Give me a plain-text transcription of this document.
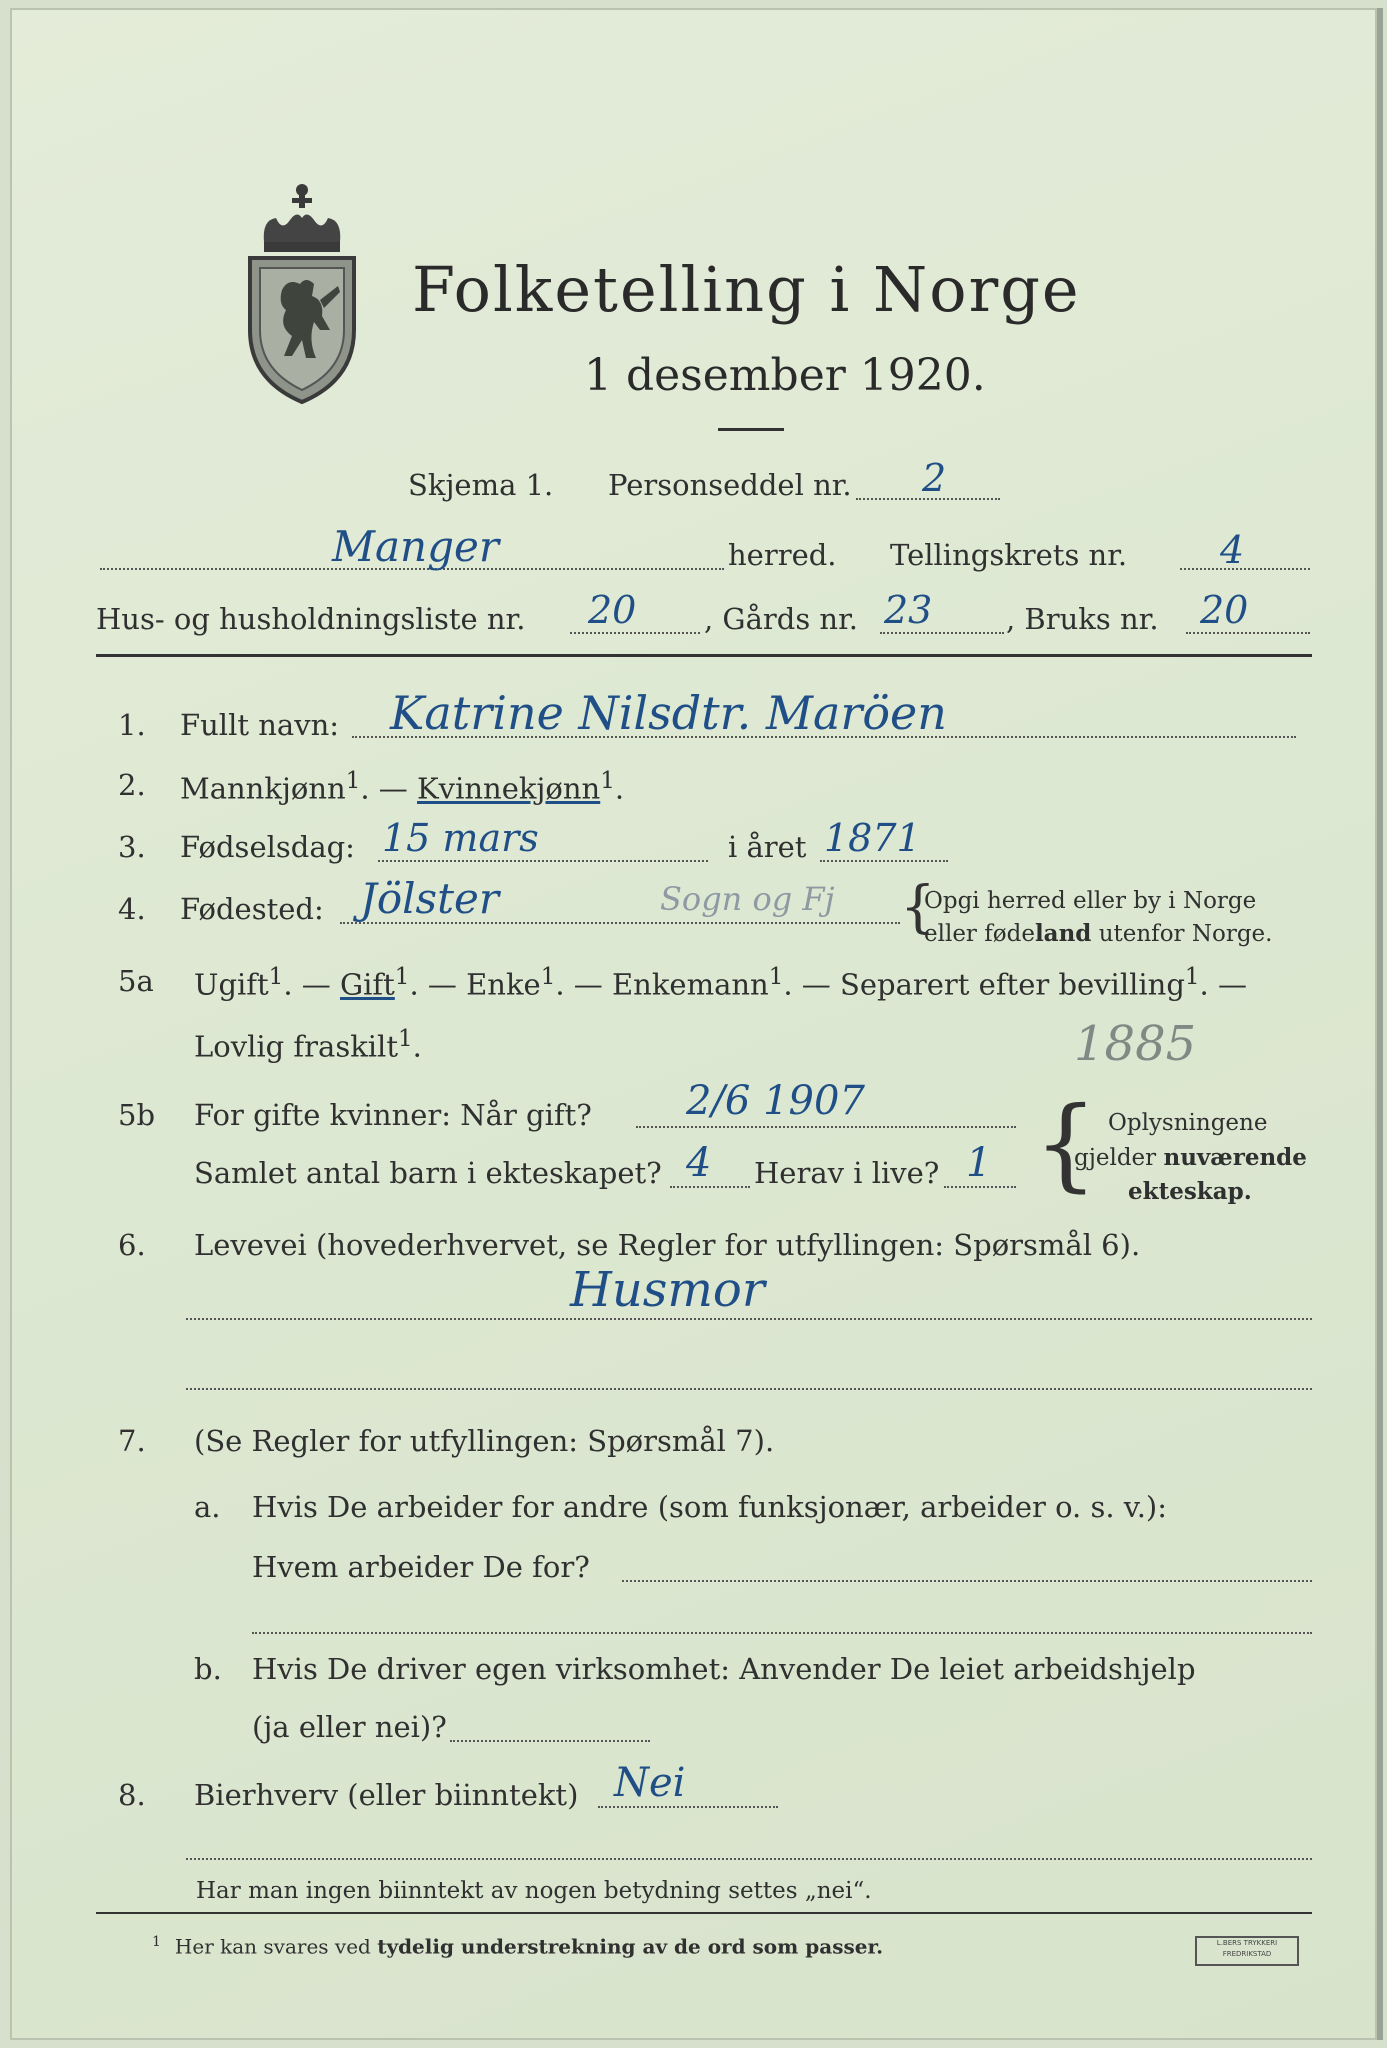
Folketelling i Norge
1 desember 1920.
Skjema 1. Personseddel nr. 2
Manger	herred. Tellingskrets nr. 4
Hus- og husholdningsliste nr. 20 , Gårds nr. 23	, Bruks nr. 20
1. Fullt navn: Katrine Nilsdtr. Maröen
2. Mannkjønn$^1$. — Kvinnekjønn$^1$.
3. Fødselsdag: 15 mars	i året 1871
4. Fødested: Jölster	Sogn og Fj {
Opgi herred eller by i Norge
eller fødeland utenfor Norge.
5a Ugift$^1$. — Gift$^1$. — Enke$^1$. — Enkemann$^1$. — Separert efter bevilling$^1$. —
Lovlig fraskilt$^1$.	1885
5b For gifte kvinner: Når gift? 2/6 1907
Samlet antal barn i ekteskapet? 4 Herav i live? 1 { Oplysningene
gjelder nuværende
ekteskap.
6. Levevei (hovederhvervet, se Regler for utfyllingen: Spørsmål 6).
Husmor
7. (Se Regler for utfyllingen: Spørsmål 7).
a. Hvis De arbeider for andre (som funksjonær, arbeider o. s. v.):
Hvem arbeider De for?
b. Hvis De driver egen virksomhet: Anvender De leiet arbeidshjelp
(ja eller nei)?
8. Bierhverv (eller biinntekt) Nei
Har man ingen biinntekt av nogen betydning settes „nei“.
$^1$ Her kan svares ved tydelig understrekning av de ord som passer.	L.BERS TRYKKERI
FREDRIKSTAD
